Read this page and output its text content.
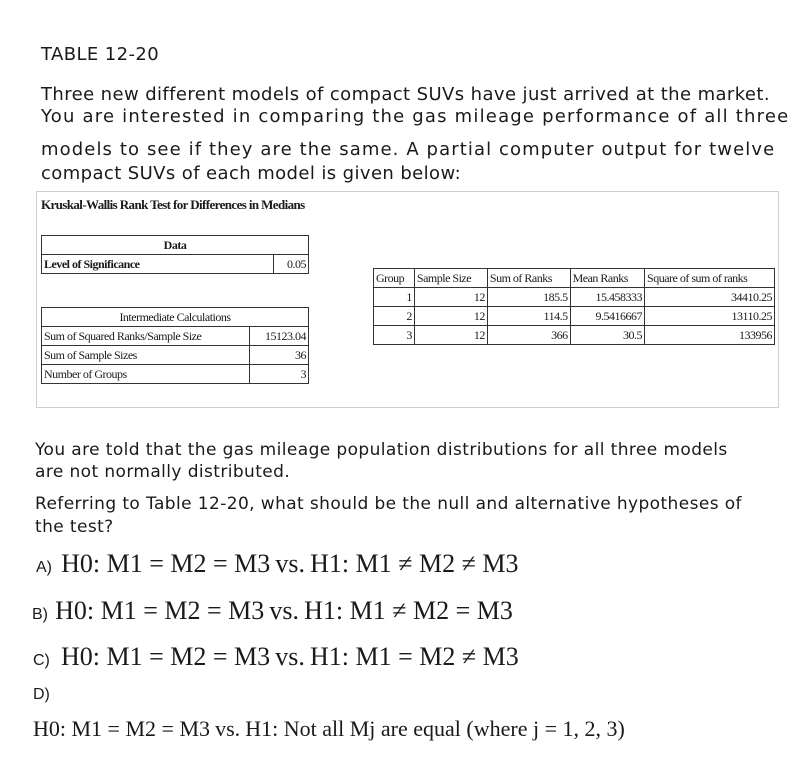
TABLE 12-20
Three new different models of compact SUVs have just arrived at the market.
You are interested in comparing the gas mileage performance of all three
models to see if they are the same. A partial computer output for twelve
compact SUVs of each model is given below:
Kruskal-Wallis Rank Test for Differences in Medians
Data
Level of Significance	0.05
Intermediate Calculations	
Sum of Squared Ranks/Sample Size	15123.04
Sum of Sample Sizes	36
Number of Groups	3
Group	Sample Size	Sum of Ranks	Mean Ranks	Square of sum of ranks
1	12	185.5	15.458333	34410.25
2	12	114.5	9.5416667	13110.25
3	12	366	30.5	133956
You are told that the gas mileage population distributions for all three models
are not normally distributed.
Referring to Table 12-20, what should be the null and alternative hypotheses of
the test?
A) H0: M1 = M2 = M3 vs. H1: M1 ≠ M2 ≠ M3
B) H0: M1 = M2 = M3 vs. H1: M1 ≠ M2 = M3
C) H0: M1 = M2 = M3 vs. H1: M1 = M2 ≠ M3
D)
H0: M1 = M2 = M3 vs. H1: Not all Mj are equal (where j = 1, 2, 3)
